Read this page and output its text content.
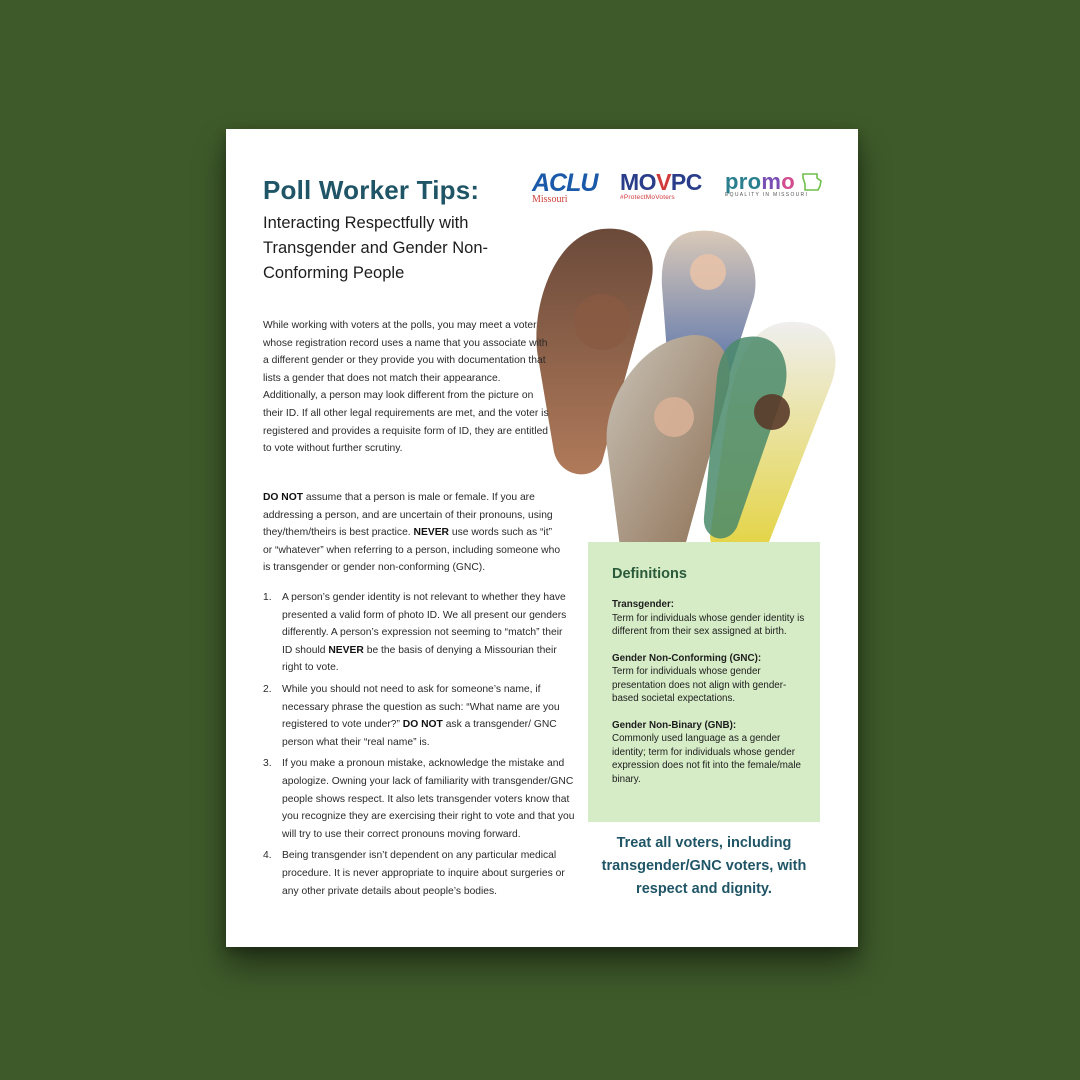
Poll Worker Tips:
Interacting Respectfully with Transgender and Gender Non-Conforming People
ACLU
Missouri
MOVPC
#ProtectMoVoters
promo
EQUALITY IN MISSOURI
While working with voters at the polls, you may meet a voter whose registration record uses a name that you associate with a different gender or they provide you with documentation that lists a gender that does not match their appearance. Additionally, a person may look different from the picture on their ID. If all other legal requirements are met, and the voter is registered and provides a requisite form of ID, they are entitled to vote without further scrutiny.
DO NOT assume that a person is male or female. If you are addressing a person, and are uncertain of their pronouns, using they/them/theirs is best practice. NEVER use words such as “it” or “whatever” when referring to a person, including someone who is transgender or gender non-conforming (GNC).
1. A person’s gender identity is not relevant to whether they have presented a valid form of photo ID. We all present our genders differently. A person’s expression not seeming to “match” their ID should NEVER be the basis of denying a Missourian their right to vote.
2. While you should not need to ask for someone’s name, if necessary phrase the question as such: “What name are you registered to vote under?” DO NOT ask a transgender/ GNC person what their “real name” is.
3. If you make a pronoun mistake, acknowledge the mistake and apologize. Owning your lack of familiarity with transgender/GNC people shows respect. It also lets transgender voters know that you recognize they are exercising their right to vote and that you will try to use their correct pronouns moving forward.
4. Being transgender isn’t dependent on any particular medical procedure. It is never appropriate to inquire about surgeries or any other private details about people’s bodies.
Definitions
Transgender:
Term for individuals whose gender identity is different from their sex assigned at birth.
Gender Non-Conforming (GNC):
Term for individuals whose gender presentation does not align with gender-based societal expectations.
Gender Non-Binary (GNB):
Commonly used language as a gender identity; term for individuals whose gender expression does not fit into the female/male binary.
Treat all voters, including transgender/GNC voters, with respect and dignity.
